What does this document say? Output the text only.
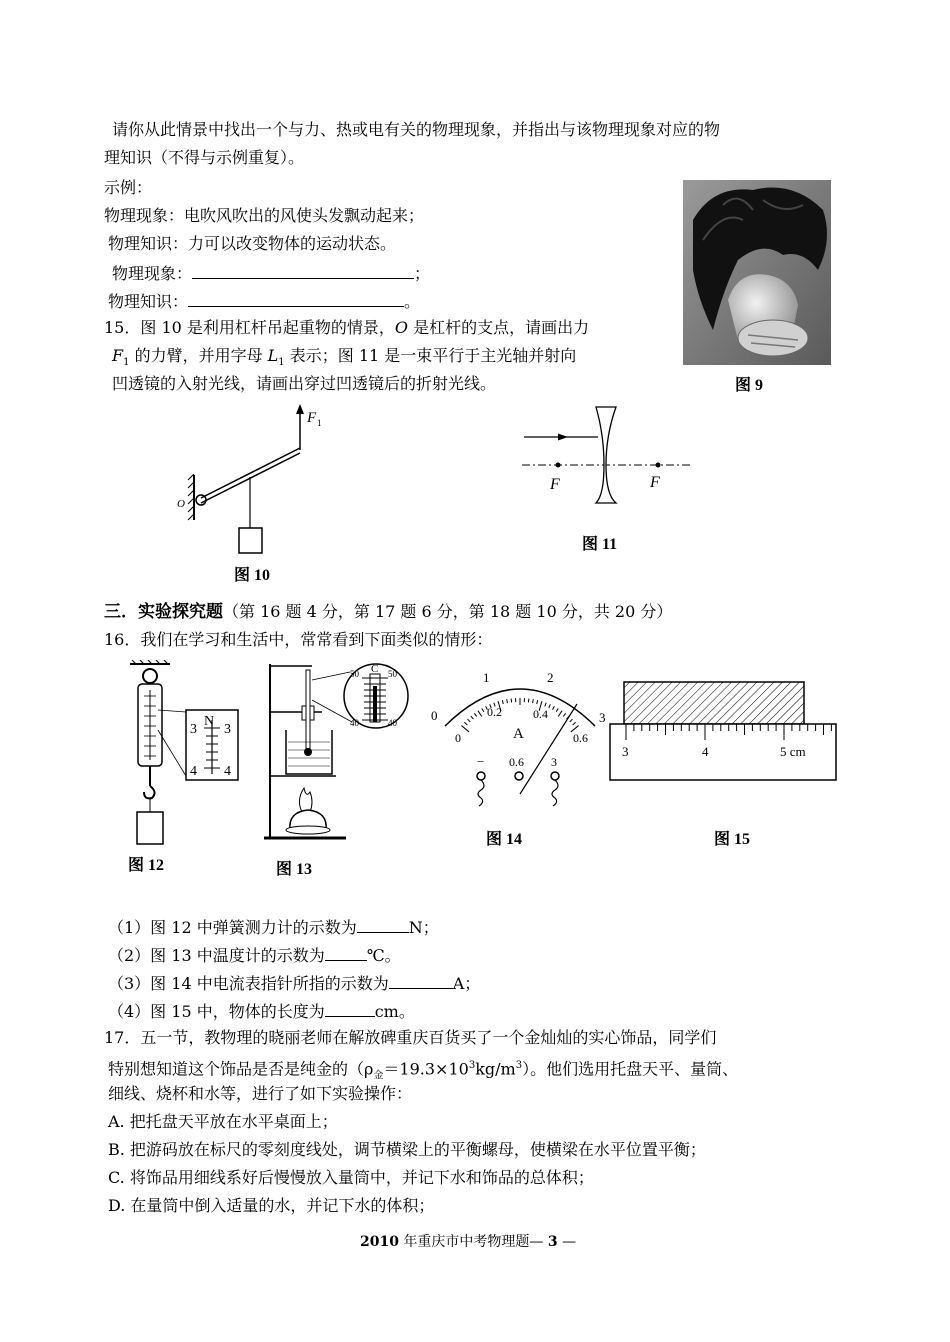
请你从此情景中找出一个与力、热或电有关的物理现象，并指出与该物理现象对应的物
理知识（不得与示例重复）。
示例：
物理现象：电吹风吹出的风使头发飘动起来；
物理知识：力可以改变物体的运动状态。
物理现象：	；
物理知识：	。
图 9
15．图 10 是利用杠杆吊起重物的情景，O 是杠杆的支点，请画出力
$F_1$ 的力臂，并用字母 $L_1$ 表示；图 11 是一束平行于主光轴并射向
凹透镜的入射光线，请画出穿过凹透镜后的折射光线。
F 1
O
图 10
F	F
图 11
三．实验探究题（第 16 题 4 分，第 17 题 6 分，第 18 题 10 分，共 20 分）
16．我们在学习和生活中，常常看到下面类似的情形：
N
3 3
4 4
图 12
C
50	50
40	40
图 13
1	2
0	3
0.2	0.4
0	0.6
A
− 0.6 3
图 14
3	4	5 cm
图 15
（1）图 12 中弹簧测力计的示数为	N；
（2）图 13 中温度计的示数为	℃。
（3）图 14 中电流表指针所指的示数为	A；
（4）图 15 中，物体的长度为	cm。
17．五一节，教物理的晓丽老师在解放碑重庆百货买了一个金灿灿的实心饰品，同学们
特别想知道这个饰品是否是纯金的$(\rho_金=19.3\times 10^3kg/m^3)$。他们选用托盘天平、量筒、
细线、烧杯和水等，进行了如下实验操作：
A. 把托盘天平放在水平桌面上；
B. 把游码放在标尺的零刻度线处，调节横梁上的平衡螺母，使横梁在水平位置平衡；
C. 将饰品用细线系好后慢慢放入量筒中，并记下水和饰品的总体积；
D. 在量筒中倒入适量的水，并记下水的体积；
2010 年重庆市中考物理题— 3 —
